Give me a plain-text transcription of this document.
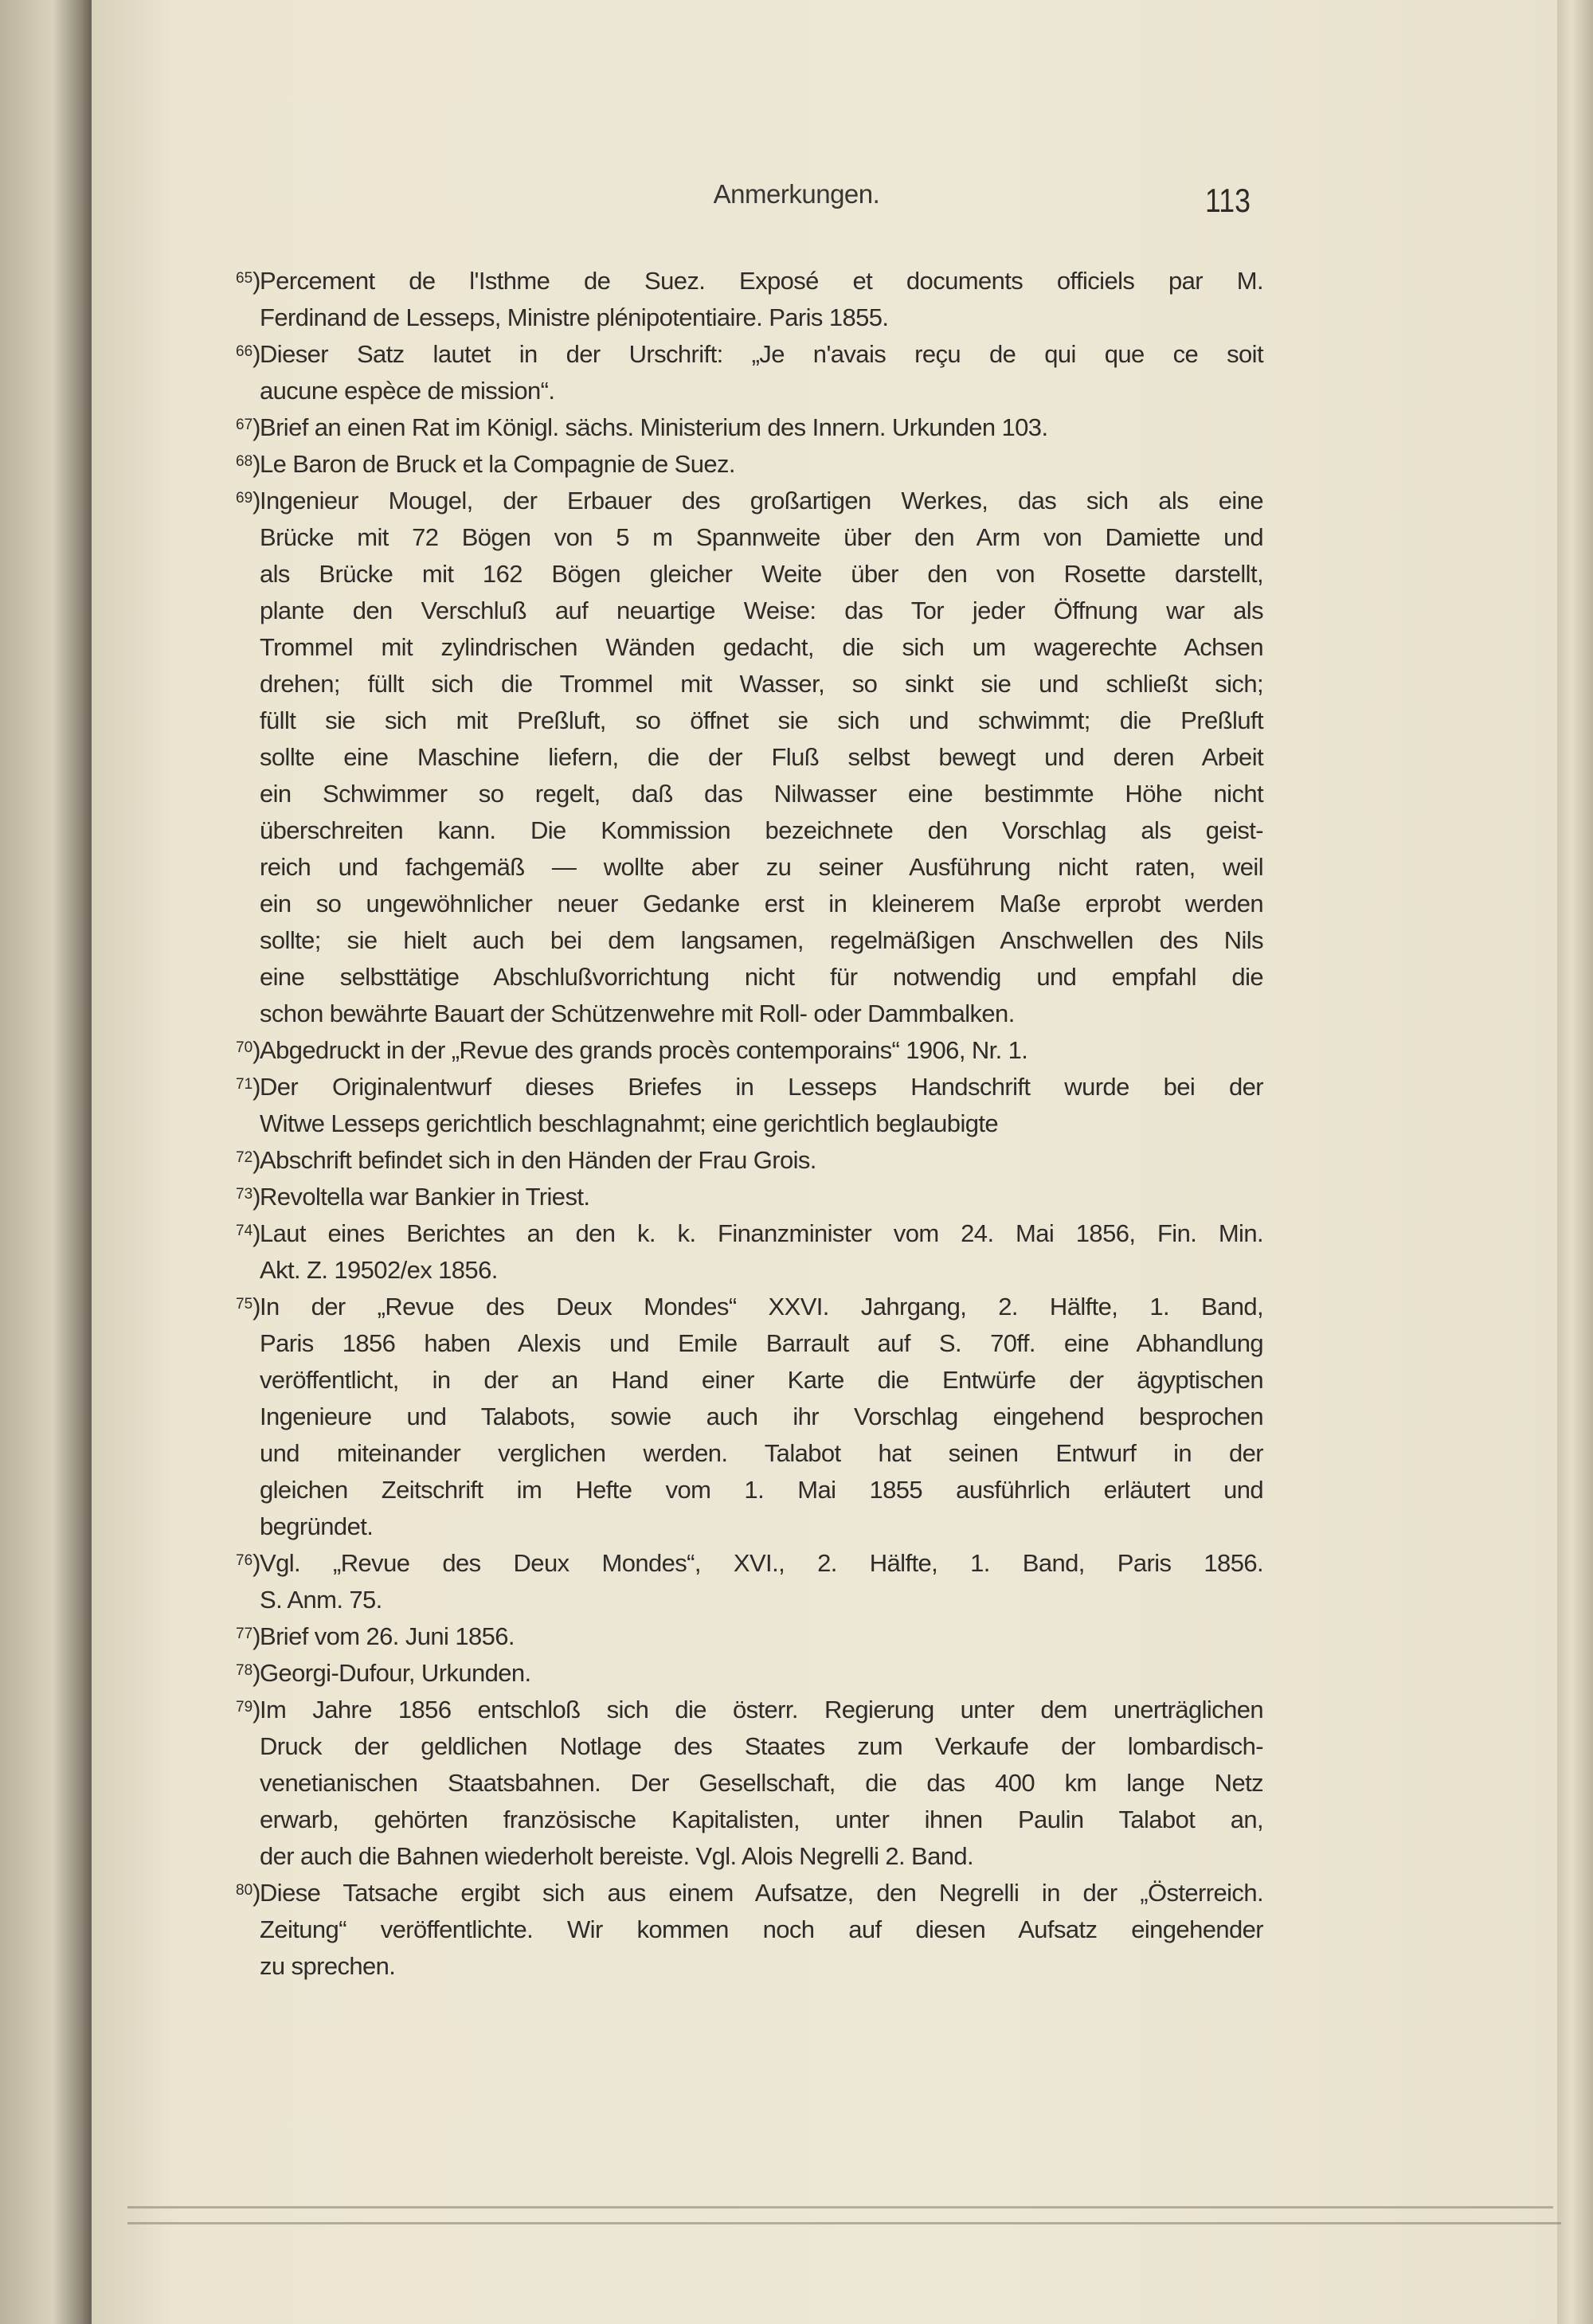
Anmerkungen.	113
65 ) Percement de l'Isthme de Suez. Exposé et documents officiels par M.
Ferdinand de Lesseps, Ministre plénipotentiaire. Paris 1855.
66 ) Dieser Satz lautet in der Urschrift: „Je n'avais reçu de qui que ce soit
aucune espèce de mission“.
67 ) Brief an einen Rat im Königl. sächs. Ministerium des Innern. Urkunden 103.
68 ) Le Baron de Bruck et la Compagnie de Suez.
69 ) Ingenieur Mougel, der Erbauer des großartigen Werkes, das sich als eine
Brücke mit 72 Bögen von 5 m Spannweite über den Arm von Damiette und
als Brücke mit 162 Bögen gleicher Weite über den von Rosette darstellt,
plante den Verschluß auf neuartige Weise: das Tor jeder Öffnung war als
Trommel mit zylindrischen Wänden gedacht, die sich um wagerechte Achsen
drehen; füllt sich die Trommel mit Wasser, so sinkt sie und schließt sich;
füllt sie sich mit Preßluft, so öffnet sie sich und schwimmt; die Preßluft
sollte eine Maschine liefern, die der Fluß selbst bewegt und deren Arbeit
ein Schwimmer so regelt, daß das Nilwasser eine bestimmte Höhe nicht
überschreiten kann. Die Kommission bezeichnete den Vorschlag als geist-
reich und fachgemäß — wollte aber zu seiner Ausführung nicht raten, weil
ein so ungewöhnlicher neuer Gedanke erst in kleinerem Maße erprobt werden
sollte; sie hielt auch bei dem langsamen, regelmäßigen Anschwellen des Nils
eine selbsttätige Abschlußvorrichtung nicht für notwendig und empfahl die
schon bewährte Bauart der Schützenwehre mit Roll- oder Dammbalken.
70 ) Abgedruckt in der „Revue des grands procès contemporains“ 1906, Nr. 1.
71 ) Der Originalentwurf dieses Briefes in Lesseps Handschrift wurde bei der
Witwe Lesseps gerichtlich beschlagnahmt; eine gerichtlich beglaubigte
72 ) Abschrift befindet sich in den Händen der Frau Grois.
73 ) Revoltella war Bankier in Triest.
74 ) Laut eines Berichtes an den k. k. Finanzminister vom 24. Mai 1856, Fin. Min.
Akt. Z. 19502/ex 1856.
75 ) In der „Revue des Deux Mondes“ XXVI. Jahrgang, 2. Hälfte, 1. Band,
Paris 1856 haben Alexis und Emile Barrault auf S. 70ff. eine Abhandlung
veröffentlicht, in der an Hand einer Karte die Entwürfe der ägyptischen
Ingenieure und Talabots, sowie auch ihr Vorschlag eingehend besprochen
und miteinander verglichen werden. Talabot hat seinen Entwurf in der
gleichen Zeitschrift im Hefte vom 1. Mai 1855 ausführlich erläutert und
begründet.
76 ) Vgl. „Revue des Deux Mondes“, XVI., 2. Hälfte, 1. Band, Paris 1856.
S. Anm. 75.
77 ) Brief vom 26. Juni 1856.
78 ) Georgi-Dufour, Urkunden.
79 ) Im Jahre 1856 entschloß sich die österr. Regierung unter dem unerträglichen
Druck der geldlichen Notlage des Staates zum Verkaufe der lombardisch-
venetianischen Staatsbahnen. Der Gesellschaft, die das 400 km lange Netz
erwarb, gehörten französische Kapitalisten, unter ihnen Paulin Talabot an,
der auch die Bahnen wiederholt bereiste. Vgl. Alois Negrelli 2. Band.
80 ) Diese Tatsache ergibt sich aus einem Aufsatze, den Negrelli in der „Österreich.
Zeitung“ veröffentlichte. Wir kommen noch auf diesen Aufsatz eingehender
zu sprechen.
